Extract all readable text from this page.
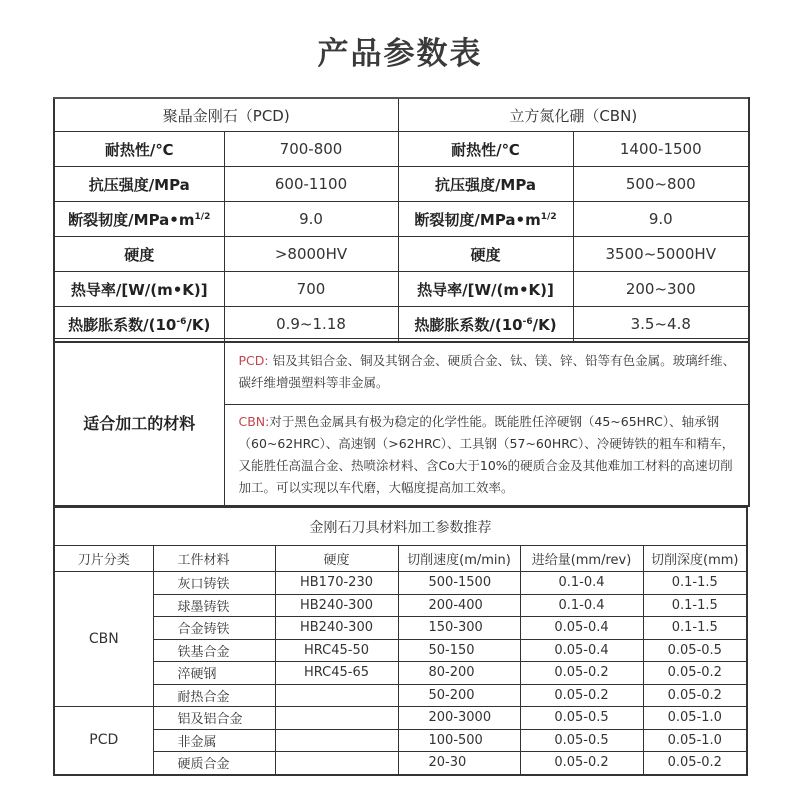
产品参数表
聚晶金刚石（PCD)		立方氮化硼（CBN)	
耐热性/℃	700-800	耐热性/℃	1400-1500
抗压强度/MPa	600-1100	抗压强度/MPa	500~800
断裂韧度$/MPa•m^{1/2}$	9.0	断裂韧度$/MPa•m^{1/2}$	9.0
硬度	>8000HV	硬度	3500~5000HV
热导率/[W/(m•K)]	700	热导率/[W/(m•K)]	200~300
热膨胀系数$/(10^{-6}/K)$	0.9~1.18	热膨胀系数$/(10^{-6}/K)$	3.5~4.8
适合加工的材料	PCD: 铝及其铝合金、铜及其钢合金、硬质合金、钛、镁、锌、铅等有色金属。玻璃纤维、碳纤维增强塑料等非金属。
CBN:对于黑色金属具有极为稳定的化学性能。既能胜任淬硬钢（45~65HRC）、轴承钢（60~62HRC）、高速钢（>62HRC）、工具钢（57~60HRC）、冷硬铸铁的粗车和精车，又能胜任高温合金、热喷涂材料、含Co大于10%的硬质合金及其他难加工材料的高速切削加工。可以实现以车代磨，大幅度提高加工效率。
金刚石刀具材料加工参数推荐					
刀片分类	工件材料	硬度	切削速度(m/min)	进给量(mm/rev)	切削深度(mm)
CBN	灰口铸铁	HB170-230	500-1500	0.1-0.4	0.1-1.5
	球墨铸铁	HB240-300	200-400	0.1-0.4	0.1-1.5
	合金铸铁	HB240-300	150-300	0.05-0.4	0.1-1.5
	铁基合金	HRC45-50	50-150	0.05-0.4	0.05-0.5
	淬硬钢	HRC45-65	80-200	0.05-0.2	0.05-0.2
	耐热合金		50-200	0.05-0.2	0.05-0.2
PCD	铝及铝合金		200-3000	0.05-0.5	0.05-1.0
	非金属		100-500	0.05-0.5	0.05-1.0
	硬质合金		20-30	0.05-0.2	0.05-0.2
